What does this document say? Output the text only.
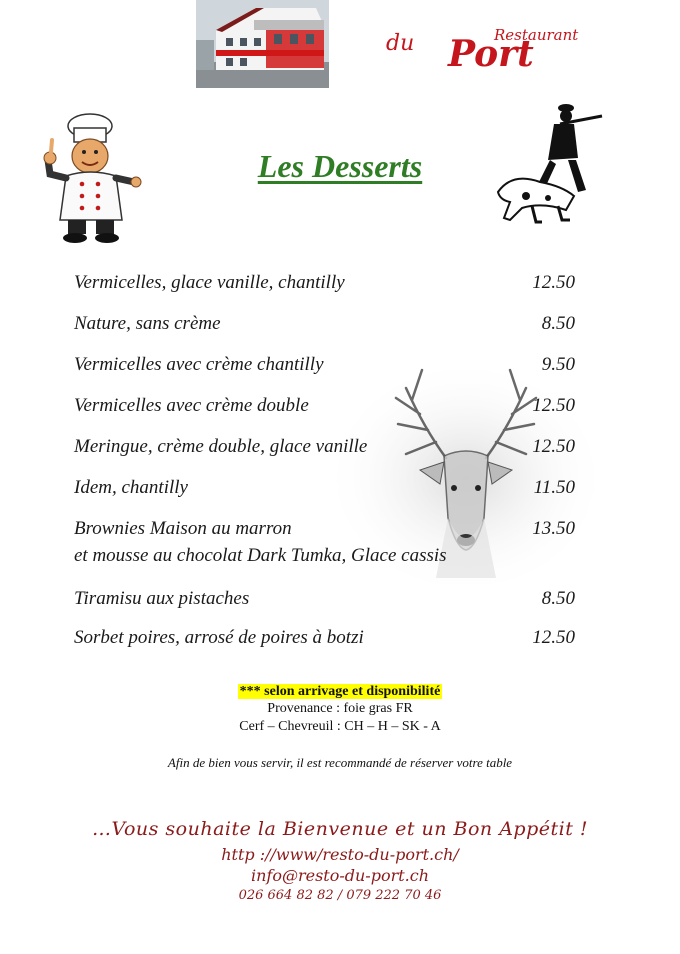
Restaurant
du Port
Les Desserts
Vermicelles, glace vanille, chantilly	12.50
Nature, sans crème	8.50
Vermicelles avec crème chantilly	9.50
Vermicelles avec crème double	12.50
Meringue, crème double, glace vanille	12.50
Idem, chantilly	11.50
Brownies Maison au marron
et mousse au chocolat Dark Tumka, Glace cassis
13.50
Tiramisu aux pistaches	8.50
Sorbet poires, arrosé de poires à botzi	12.50
*** selon arrivage et disponibilité
Provenance : foie gras FR
Cerf – Chevreuil : CH – H – SK - A
Afin de bien vous servir, il est recommandé de réserver votre table
…Vous souhaite la Bienvenue et un Bon Appétit !
http ://www/resto-du-port.ch/
info@resto-du-port.ch
026 664 82 82 / 079 222 70 46
